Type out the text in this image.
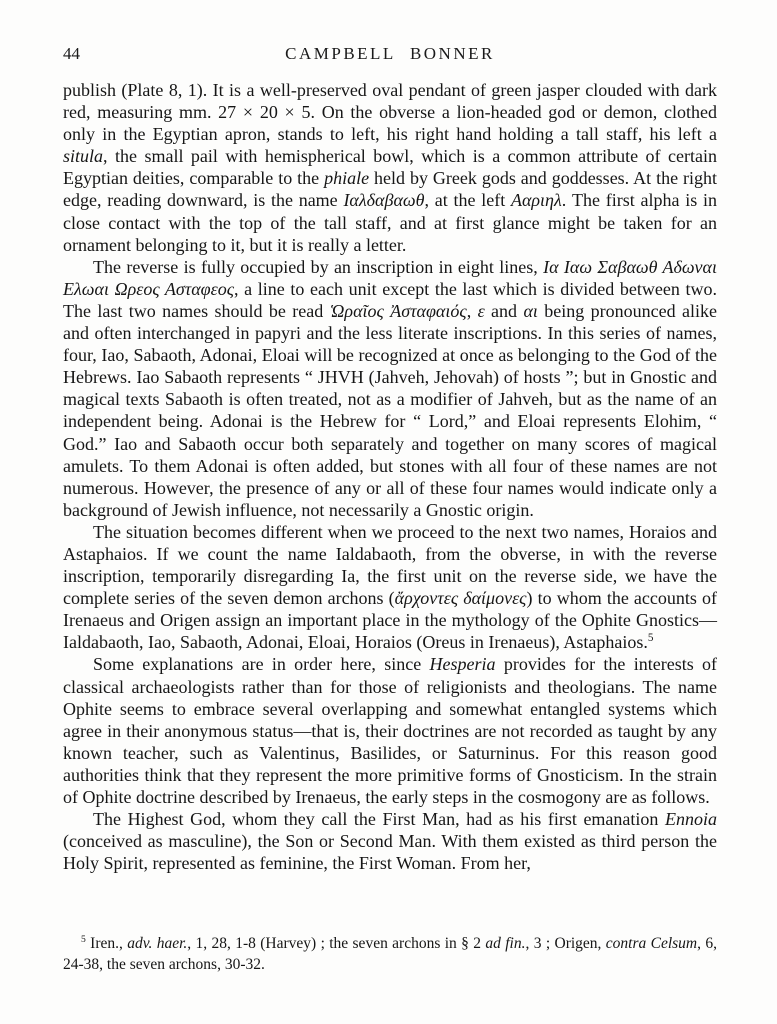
44	CAMPBELL BONNER

publish (Plate 8, 1). It is a well-preserved oval pendant of green jasper clouded with dark red, measuring mm. 27 × 20 × 5. On the obverse a lion-headed god or demon, clothed only in the Egyptian apron, stands to left, his right hand holding a tall staff, his left a situla, the small pail with hemispherical bowl, which is a common attribute of certain Egyptian deities, comparable to the phiale held by Greek gods and goddesses. At the right edge, reading downward, is the name Ιαλδαβαωθ, at the left Ααριηλ. The first alpha is in close contact with the top of the tall staff, and at first glance might be taken for an ornament belonging to it, but it is really a letter.

The reverse is fully occupied by an inscription in eight lines, Ια Ιαω Σαβαωθ Αδωναι Ελωαι Ωρεος Ασταφεος, a line to each unit except the last which is divided between two. The last two names should be read Ὡραῖος Ἀσταφαιός, ε and αι being pronounced alike and often interchanged in papyri and the less literate inscriptions. In this series of names, four, Iao, Sabaoth, Adonai, Eloai will be recognized at once as belonging to the God of the Hebrews. Iao Sabaoth represents “ JHVH (Jahveh, Jehovah) of hosts ”; but in Gnostic and magical texts Sabaoth is often treated, not as a modifier of Jahveh, but as the name of an independent being. Adonai is the Hebrew for “ Lord,” and Eloai represents Elohim, “ God.” Iao and Sabaoth occur both separately and together on many scores of magical amulets. To them Adonai is often added, but stones with all four of these names are not numerous. However, the presence of any or all of these four names would indicate only a background of Jewish influence, not necessarily a Gnostic origin.

The situation becomes different when we proceed to the next two names, Horaios and Astaphaios. If we count the name Ialdabaoth, from the obverse, in with the reverse inscription, temporarily disregarding Ia, the first unit on the reverse side, we have the complete series of the seven demon archons (ἄρχοντες δαίμονες) to whom the accounts of Irenaeus and Origen assign an important place in the mythology of the Ophite Gnostics—Ialdabaoth, Iao, Sabaoth, Adonai, Eloai, Horaios (Oreus in Irenaeus), Astaphaios.$^5$

Some explanations are in order here, since Hesperia provides for the interests of classical archaeologists rather than for those of religionists and theologians. The name Ophite seems to embrace several overlapping and somewhat entangled systems which agree in their anonymous status—that is, their doctrines are not recorded as taught by any known teacher, such as Valentinus, Basilides, or Saturninus. For this reason good authorities think that they represent the more primitive forms of Gnosticism. In the strain of Ophite doctrine described by Irenaeus, the early steps in the cosmogony are as follows.

The Highest God, whom they call the First Man, had as his first emanation Ennoia (conceived as masculine), the Son or Second Man. With them existed as third person the Holy Spirit, represented as feminine, the First Woman. From her,

$^5$ Iren., adv. haer., 1, 28, 1-8 (Harvey) ; the seven archons in § 2 ad fin., 3 ; Origen, contra Celsum, 6, 24-38, the seven archons, 30-32.
